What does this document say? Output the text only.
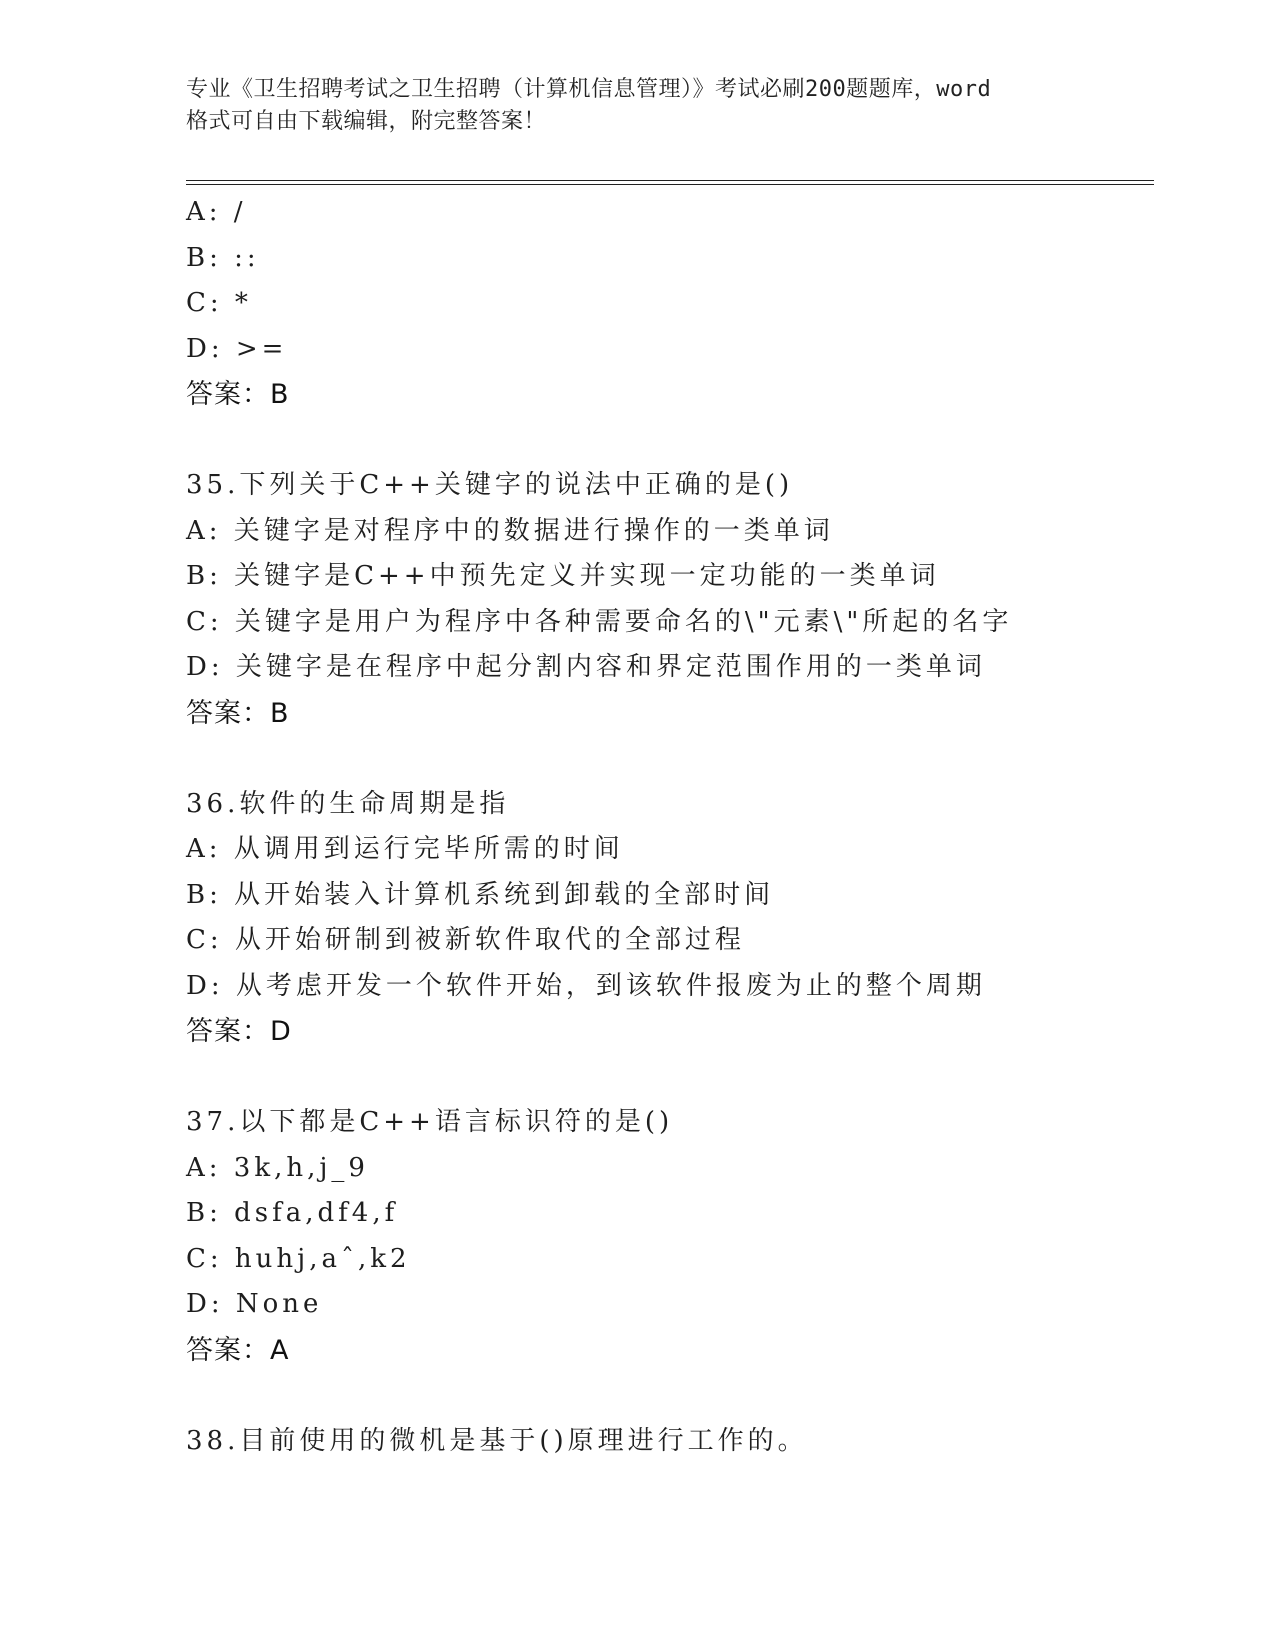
专业《卫生招聘考试之卫生招聘（计算机信息管理）》考试必刷200题题库，word
格式可自由下载编辑，附完整答案！
A: /
B: ::
C: *
D: >=
答案：B
35.下列关于C++关键字的说法中正确的是()
A: 关键字是对程序中的数据进行操作的一类单词
B: 关键字是C++中预先定义并实现一定功能的一类单词
C: 关键字是用户为程序中各种需要命名的\"元素\"所起的名字
D: 关键字是在程序中起分割内容和界定范围作用的一类单词
答案：B
36.软件的生命周期是指
A: 从调用到运行完毕所需的时间
B: 从开始装入计算机系统到卸载的全部时间
C: 从开始研制到被新软件取代的全部过程
D: 从考虑开发一个软件开始，到该软件报废为止的整个周期
答案：D
37.以下都是C++语言标识符的是()
A: 3k,h,j_9
B: dsfa,df4,f
C: huhj,aˆ,k2
D: None
答案：A
38.目前使用的微机是基于()原理进行工作的。
